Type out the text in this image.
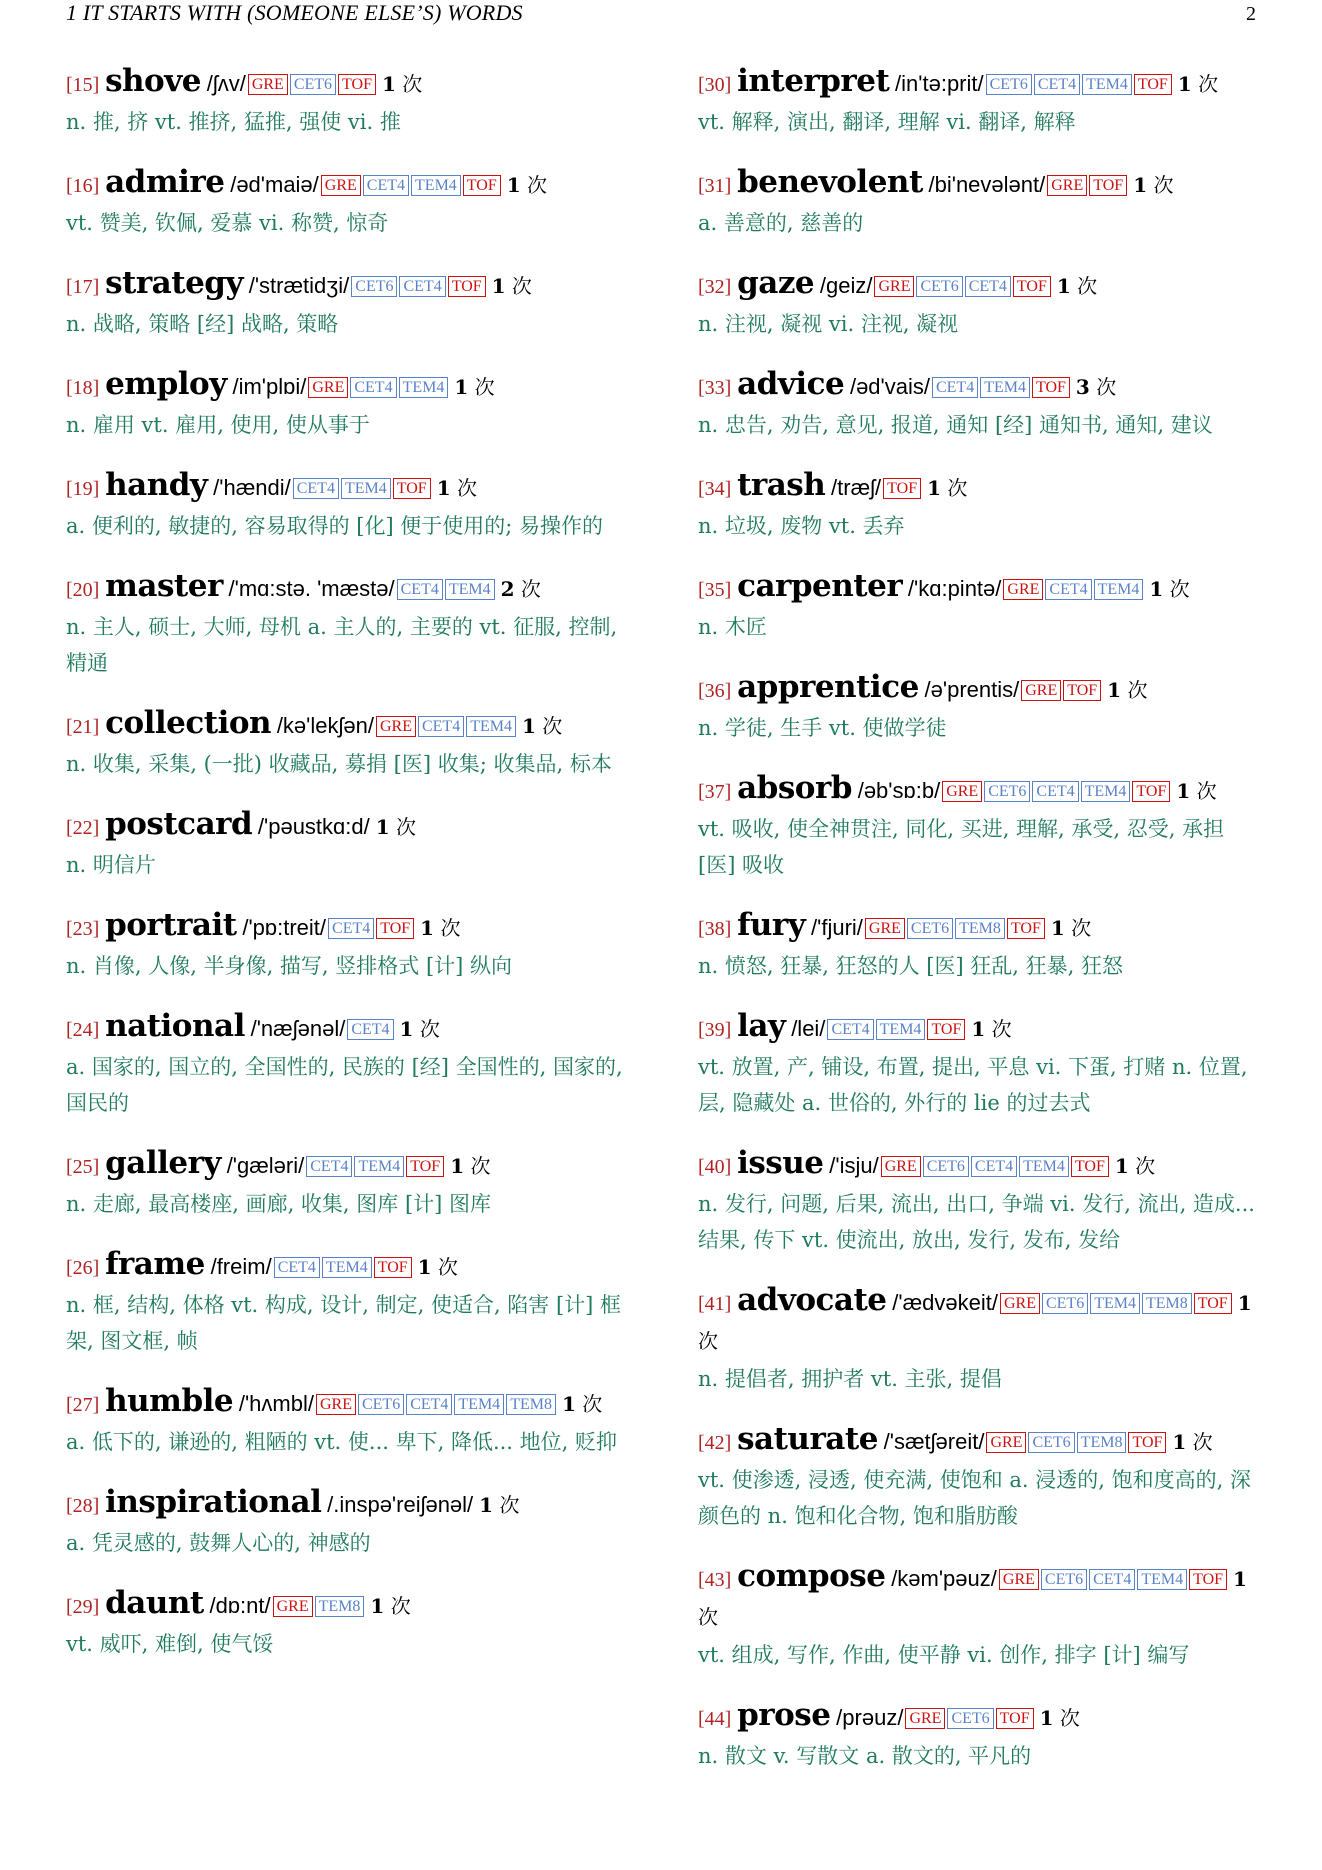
1 IT STARTS WITH (SOMEONE ELSE’S) WORDS	2
[15] shove /ʃʌv/ GRE CET6 TOF 1 次
n. 推, 挤 vt. 推挤, 猛推, 强使 vi. 推
[16] admire /əd'maiə/ GRE CET4 TEM4 TOF 1 次
vt. 赞美, 钦佩, 爱慕 vi. 称赞, 惊奇
[17] strategy /'strætidʒi/ CET6 CET4 TOF 1 次
n. 战略, 策略 [经] 战略, 策略
[18] employ /im'plɒi/ GRE CET4 TEM4 1 次
n. 雇用 vt. 雇用, 使用, 使从事于
[19] handy /'hændi/ CET4 TEM4 TOF 1 次
a. 便利的, 敏捷的, 容易取得的 [化] 便于使用的; 易操作的
[20] master /'mɑ:stə. 'mæstə/ CET4 TEM4 2 次
n. 主人, 硕士, 大师, 母机 a. 主人的, 主要的 vt. 征服, 控制, 精通
[21] collection /kə'lekʃən/ GRE CET4 TEM4 1 次
n. 收集, 采集, (一批) 收藏品, 募捐 [医] 收集; 收集品, 标本
[22] postcard /'pəustkɑ:d/ 1 次
n. 明信片
[23] portrait /'pɒ:treit/ CET4 TOF 1 次
n. 肖像, 人像, 半身像, 描写, 竖排格式 [计] 纵向
[24] national /'næʃənəl/ CET4 1 次
a. 国家的, 国立的, 全国性的, 民族的 [经] 全国性的, 国家的, 国民的
[25] gallery /'gæləri/ CET4 TEM4 TOF 1 次
n. 走廊, 最高楼座, 画廊, 收集, 图库 [计] 图库
[26] frame /freim/ CET4 TEM4 TOF 1 次
n. 框, 结构, 体格 vt. 构成, 设计, 制定, 使适合, 陷害 [计] 框架, 图文框, 帧
[27] humble /'hʌmbl/ GRE CET6 CET4 TEM4 TEM8 1 次
a. 低下的, 谦逊的, 粗陋的 vt. 使... 卑下, 降低... 地位, 贬抑
[28] inspirational /.inspə'reiʃənəl/ 1 次
a. 凭灵感的, 鼓舞人心的, 神感的
[29] daunt /dɒ:nt/ GRE TEM8 1 次
vt. 威吓, 难倒, 使气馁
[30] interpret /in'tə:prit/ CET6 CET4 TEM4 TOF 1 次
vt. 解释, 演出, 翻译, 理解 vi. 翻译, 解释
[31] benevolent /bi'nevələnt/ GRE TOF 1 次
a. 善意的, 慈善的
[32] gaze /geiz/ GRE CET6 CET4 TOF 1 次
n. 注视, 凝视 vi. 注视, 凝视
[33] advice /əd'vais/ CET4 TEM4 TOF 3 次
n. 忠告, 劝告, 意见, 报道, 通知 [经] 通知书, 通知, 建议
[34] trash /træʃ/ TOF 1 次
n. 垃圾, 废物 vt. 丢弃
[35] carpenter /'kɑ:pintə/ GRE CET4 TEM4 1 次
n. 木匠
[36] apprentice /ə'prentis/ GRE TOF 1 次
n. 学徒, 生手 vt. 使做学徒
[37] absorb /əb'sɒ:b/ GRE CET6 CET4 TEM4 TOF 1 次
vt. 吸收, 使全神贯注, 同化, 买进, 理解, 承受, 忍受, 承担 [医] 吸收
[38] fury /'fjuri/ GRE CET6 TEM8 TOF 1 次
n. 愤怒, 狂暴, 狂怒的人 [医] 狂乱, 狂暴, 狂怒
[39] lay /lei/ CET4 TEM4 TOF 1 次
vt. 放置, 产, 铺设, 布置, 提出, 平息 vi. 下蛋, 打赌 n. 位置, 层, 隐藏处 a. 世俗的, 外行的 lie 的过去式
[40] issue /'isju/ GRE CET6 CET4 TEM4 TOF 1 次
n. 发行, 问题, 后果, 流出, 出口, 争端 vi. 发行, 流出, 造成... 结果, 传下 vt. 使流出, 放出, 发行, 发布, 发给
[41] advocate /'ædvəkeit/ GRE CET6 TEM4 TEM8 TOF 1 次
n. 提倡者, 拥护者 vt. 主张, 提倡
[42] saturate /'sætʃəreit/ GRE CET6 TEM8 TOF 1 次
vt. 使渗透, 浸透, 使充满, 使饱和 a. 浸透的, 饱和度高的, 深颜色的 n. 饱和化合物, 饱和脂肪酸
[43] compose /kəm'pəuz/ GRE CET6 CET4 TEM4 TOF 1 次
vt. 组成, 写作, 作曲, 使平静 vi. 创作, 排字 [计] 编写
[44] prose /prəuz/ GRE CET6 TOF 1 次
n. 散文 v. 写散文 a. 散文的, 平凡的
